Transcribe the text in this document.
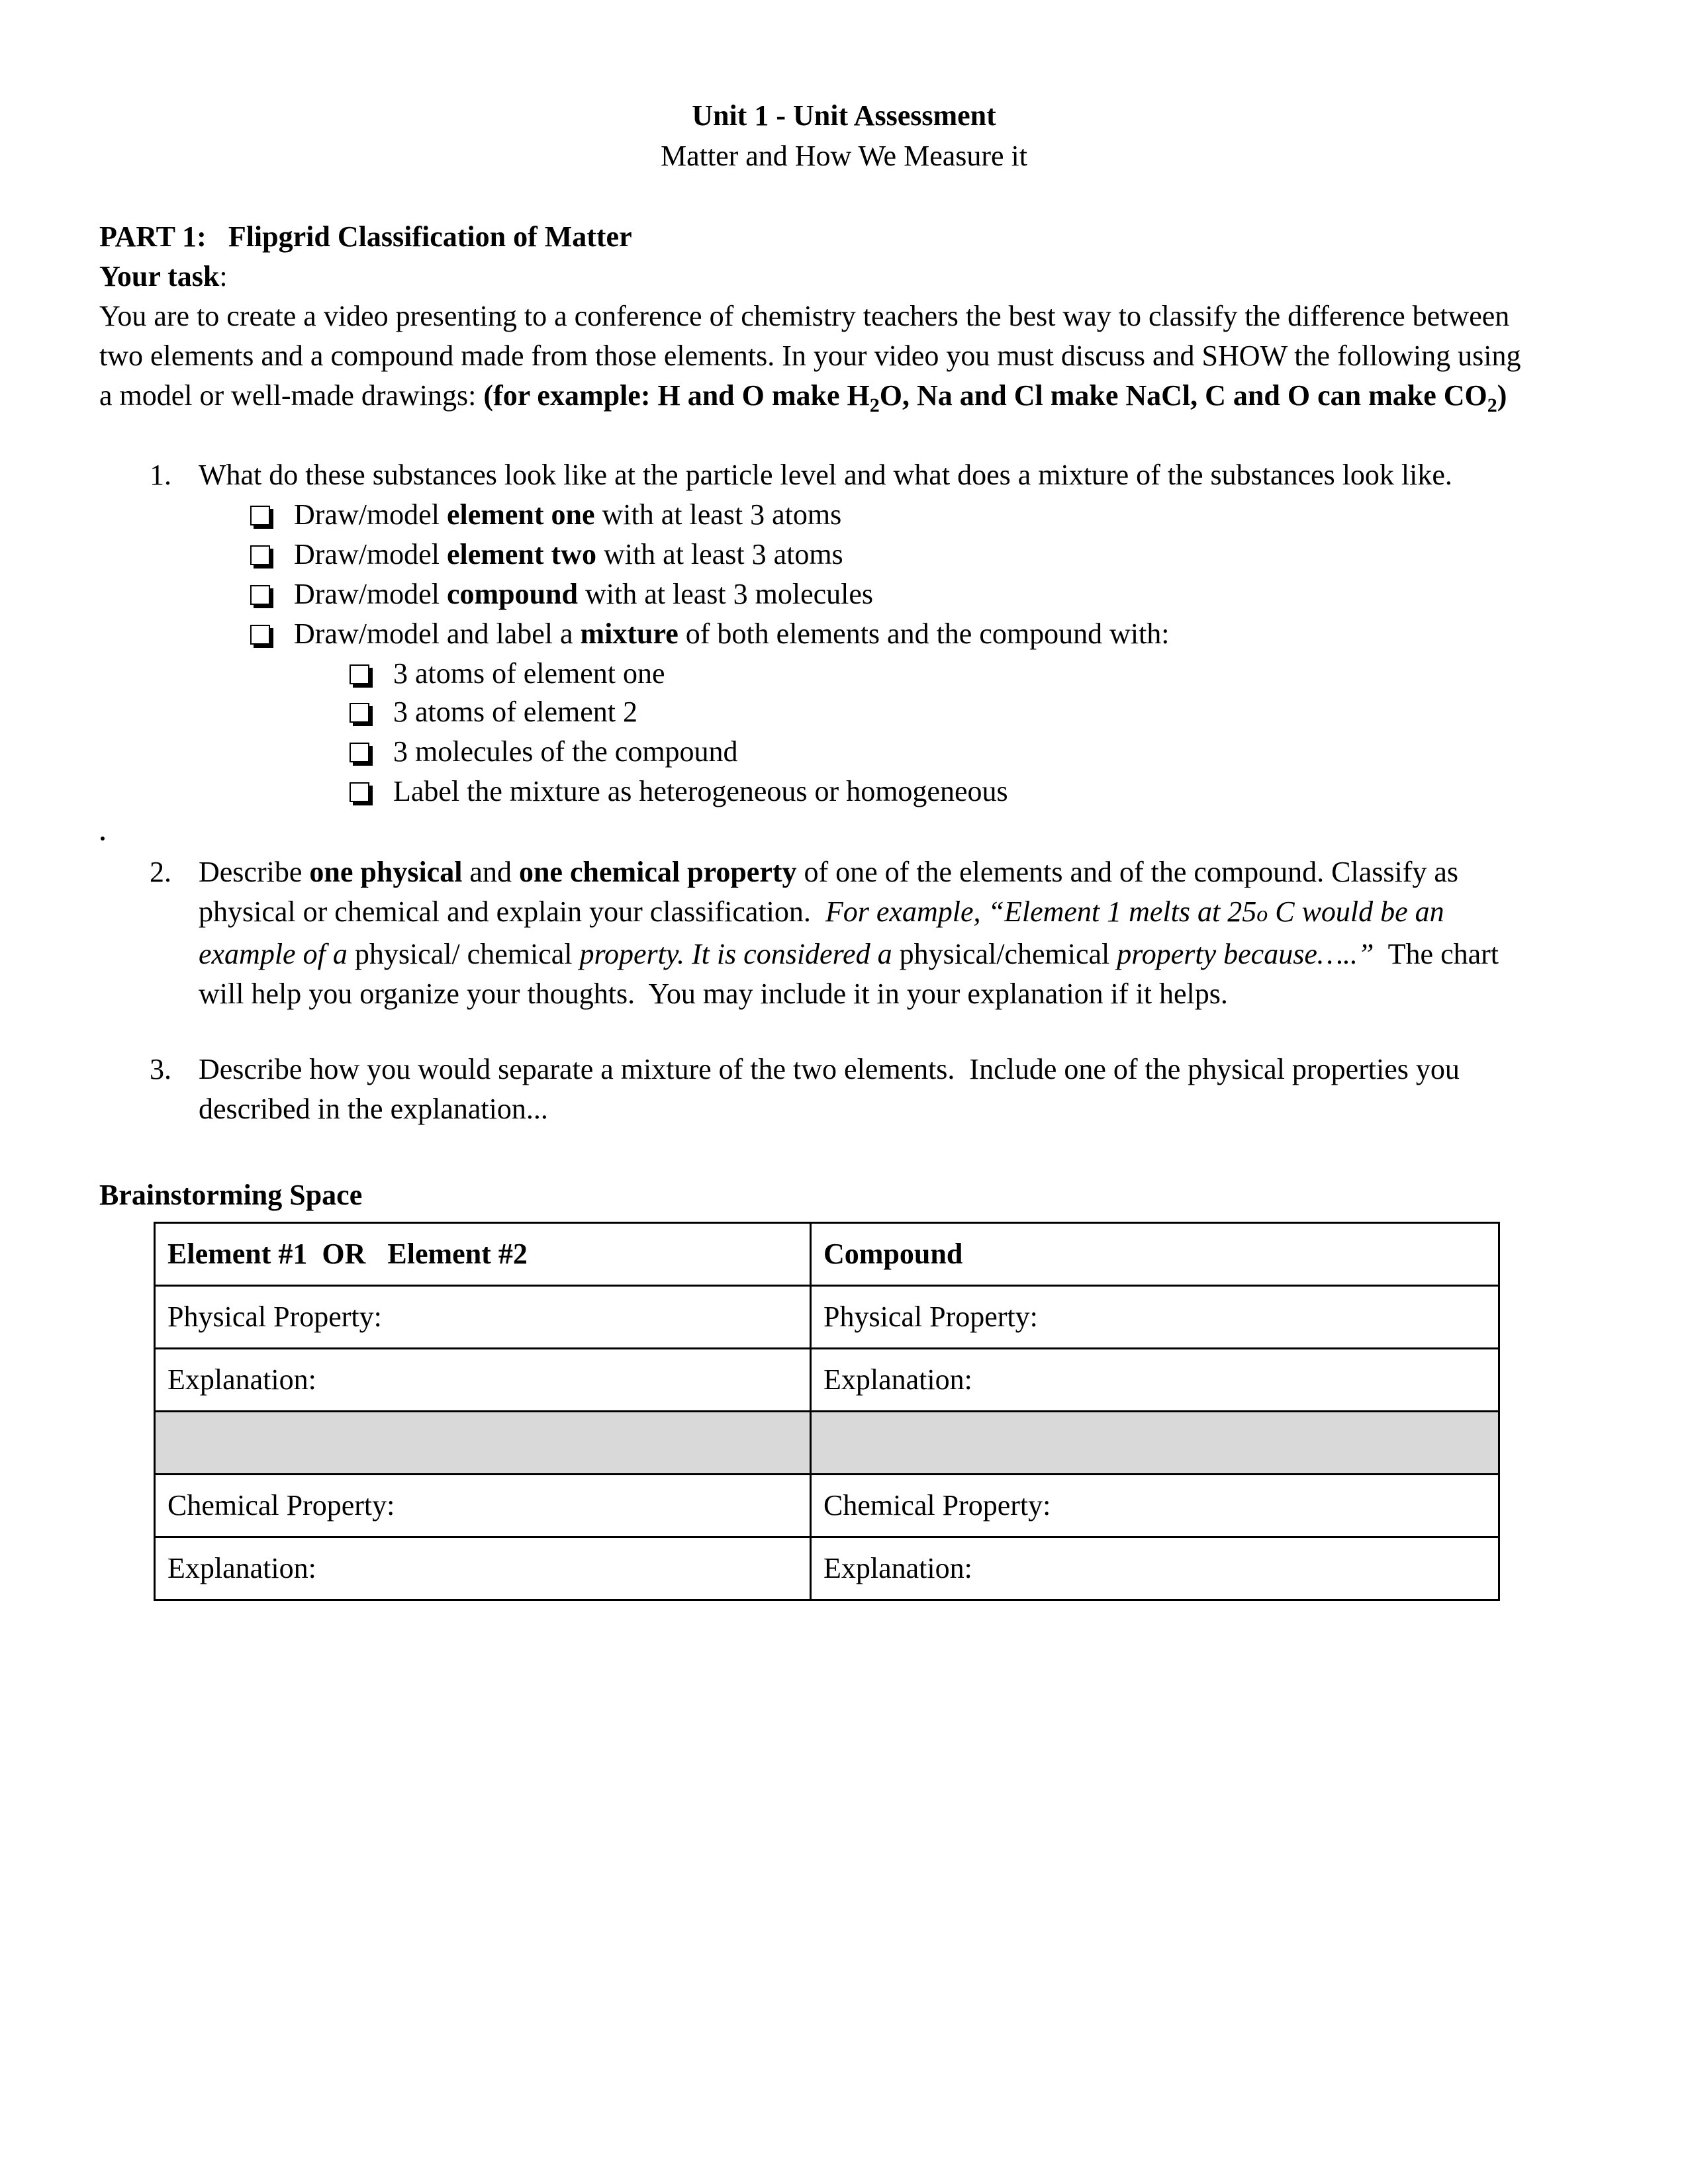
Unit 1 - Unit Assessment
Matter and How We Measure it
PART 1:   Flipgrid Classification of Matter
Your task:
You are to create a video presenting to a conference of chemistry teachers the best way to classify the difference between
two elements and a compound made from those elements. In your video you must discuss and SHOW the following using
a model or well-made drawings: (for example: H and O make $H_2O$, Na and Cl make NaCl, C and O can make $CO_2$)
1. What do these substances look like at the particle level and what does a mixture of the substances look like.
Draw/model element one with at least 3 atoms
Draw/model element two with at least 3 atoms
Draw/model compound with at least 3 molecules
Draw/model and label a mixture of both elements and the compound with:
3 atoms of element one
3 atoms of element 2
3 molecules of the compound
Label the mixture as heterogeneous or homogeneous
2. Describe one physical and one chemical property of one of the elements and of the compound. Classify as
physical or chemical and explain your classification.  For example, “Element 1 melts at 25o C would be an
example of a physical/ chemical property. It is considered a physical/chemical property because…..”  The chart
will help you organize your thoughts.  You may include it in your explanation if it helps.
3. Describe how you would separate a mixture of the two elements.  Include one of the physical properties you
described in the explanation...
Brainstorming Space
Element #1  OR   Element #2	Compound
Physical Property:	Physical Property:
Explanation:	Explanation:

Chemical Property:	Chemical Property:
Explanation:	Explanation:
